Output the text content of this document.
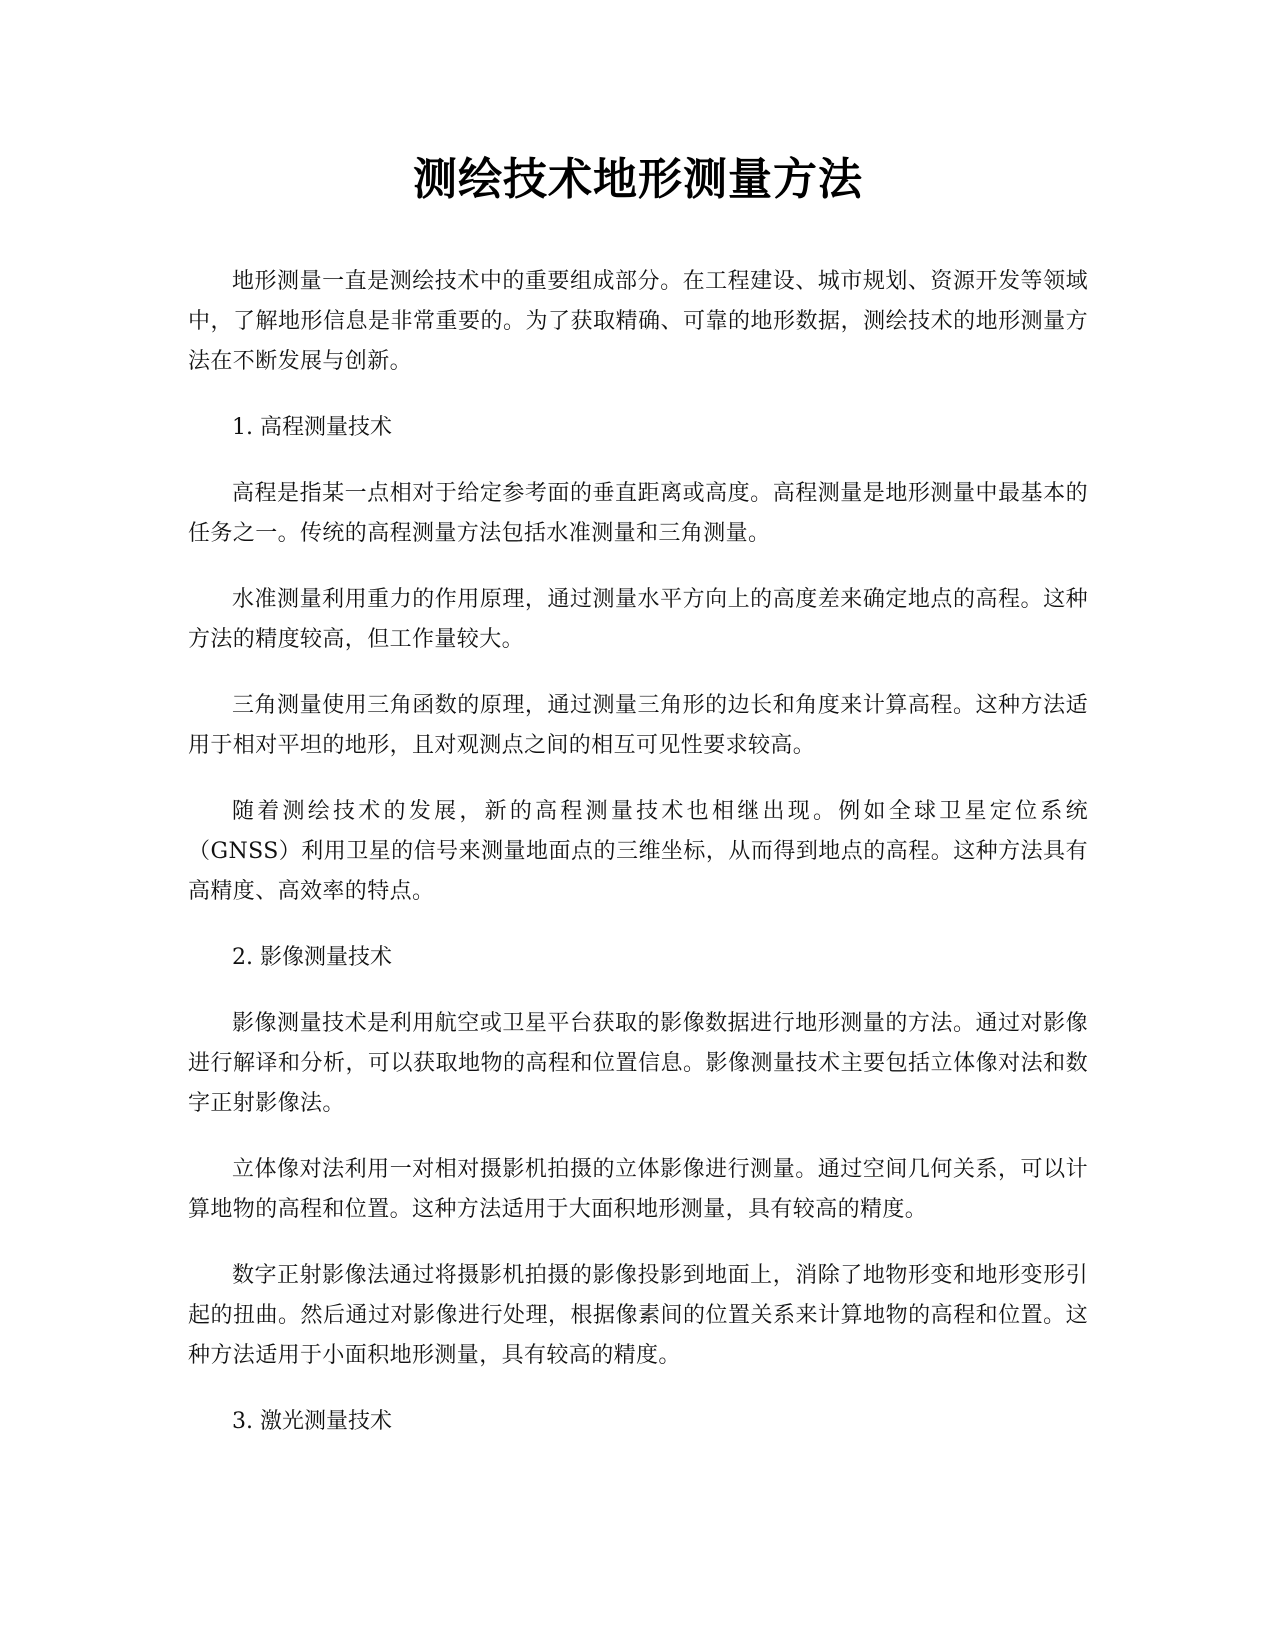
测绘技术地形测量方法

地形测量一直是测绘技术中的重要组成部分。在工程建设、城市规划、资源开发等领域中，了解地形信息是非常重要的。为了获取精确、可靠的地形数据，测绘技术的地形测量方法在不断发展与创新。

1. 高程测量技术

高程是指某一点相对于给定参考面的垂直距离或高度。高程测量是地形测量中最基本的任务之一。传统的高程测量方法包括水准测量和三角测量。

水准测量利用重力的作用原理，通过测量水平方向上的高度差来确定地点的高程。这种方法的精度较高，但工作量较大。

三角测量使用三角函数的原理，通过测量三角形的边长和角度来计算高程。这种方法适用于相对平坦的地形，且对观测点之间的相互可见性要求较高。

随着测绘技术的发展，新的高程测量技术也相继出现。例如全球卫星定位系统（GNSS）利用卫星的信号来测量地面点的三维坐标，从而得到地点的高程。这种方法具有高精度、高效率的特点。

2. 影像测量技术

影像测量技术是利用航空或卫星平台获取的影像数据进行地形测量的方法。通过对影像进行解译和分析，可以获取地物的高程和位置信息。影像测量技术主要包括立体像对法和数字正射影像法。

立体像对法利用一对相对摄影机拍摄的立体影像进行测量。通过空间几何关系，可以计算地物的高程和位置。这种方法适用于大面积地形测量，具有较高的精度。

数字正射影像法通过将摄影机拍摄的影像投影到地面上，消除了地物形变和地形变形引起的扭曲。然后通过对影像进行处理，根据像素间的位置关系来计算地物的高程和位置。这种方法适用于小面积地形测量，具有较高的精度。

3. 激光测量技术
